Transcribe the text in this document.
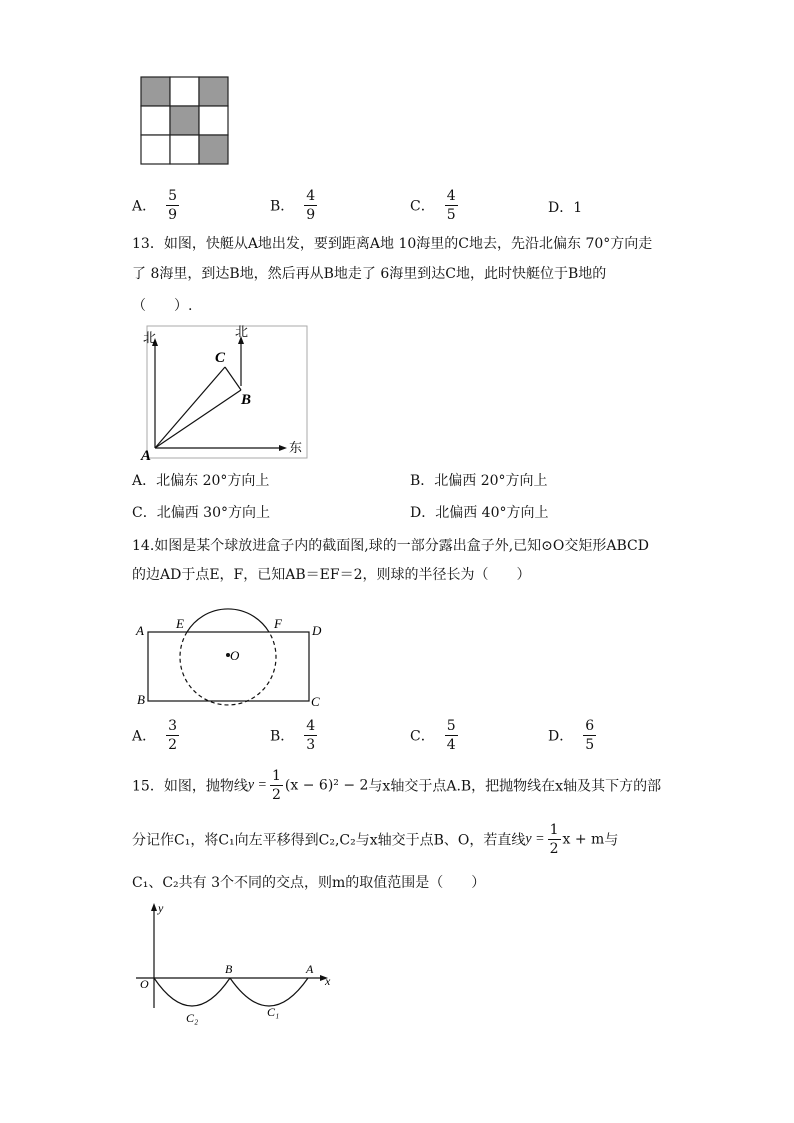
A． $\frac{5}{9}$	B． $\frac{4}{9}$	C． $\frac{4}{5}$	D．1
13．如图，快艇从A地出发，要到距离A地 10海里的C地去，先沿北偏东 70°方向走
了 8海里，到达B地，然后再从B地走了 6海里到达C地，此时快艇位于B地的
（　　）.
北	北
东
A
B
C
A．北偏东 20°方向上	B．北偏西 20°方向上
C．北偏西 30°方向上	D．北偏西 40°方向上
14.如图是某个球放进盒子内的截面图,球的一部分露出盒子外,已知⊙O交矩形ABCD
的边AD于点E，F，已知AB＝EF＝2，则球的半径长为（　　）
A
B	C
D
E	F
O
A． $\frac{3}{2}$	B． $\frac{4}{3}$	C． $\frac{5}{4}$	D． $\frac{6}{5}$
15．如图，抛物线$y = \frac{1}{2} (x - 6)^2 - 2$与x轴交于点A.B，把抛物线在x轴及其下方的部
分记作C₁，将C₁向左平移得到C₂,C₂与x轴交于点B、O，若直线$y = \frac{1}{2}$ x + m与
C₁、C₂共有 3个不同的交点，则m的取值范围是（　　）
y
x
O
B	A
C₂	C₁
